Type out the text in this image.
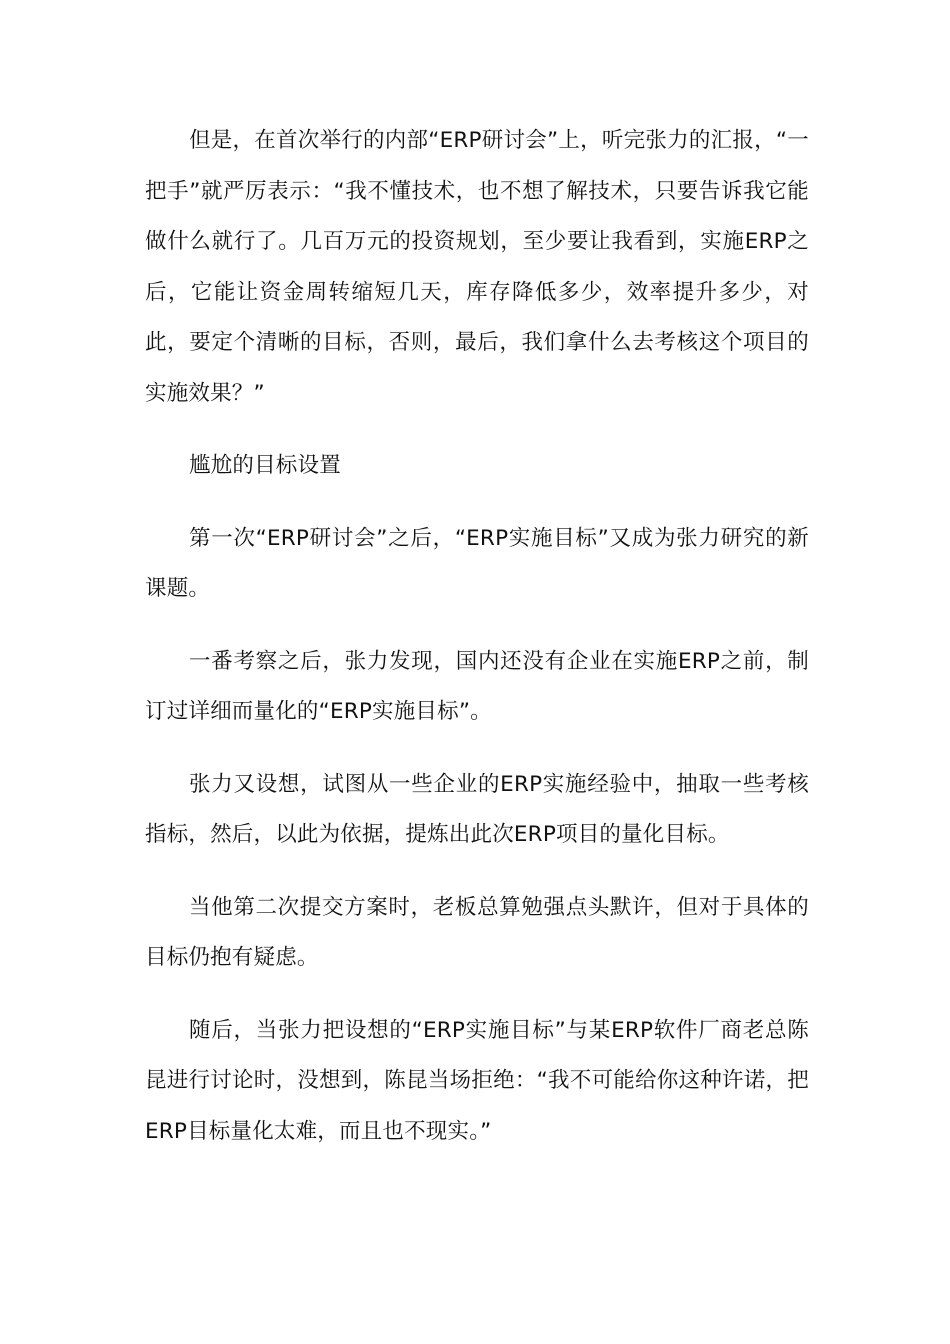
但是，在首次举行的内部“ERP研讨会”上，听完张力的汇报，“一把手”就严厉表示：“我不懂技术，也不想了解技术，只要告诉我它能做什么就行了。几百万元的投资规划，至少要让我看到，实施ERP之后，它能让资金周转缩短几天，库存降低多少，效率提升多少，对此，要定个清晰的目标，否则，最后，我们拿什么去考核这个项目的实施效果？”

尴尬的目标设置

第一次“ERP研讨会”之后，“ERP实施目标”又成为张力研究的新课题。

一番考察之后，张力发现，国内还没有企业在实施ERP之前，制订过详细而量化的“ERP实施目标”。

张力又设想，试图从一些企业的ERP实施经验中，抽取一些考核指标，然后，以此为依据，提炼出此次ERP项目的量化目标。

当他第二次提交方案时，老板总算勉强点头默许，但对于具体的目标仍抱有疑虑。

随后，当张力把设想的“ERP实施目标”与某ERP软件厂商老总陈昆进行讨论时，没想到，陈昆当场拒绝：“我不可能给你这种许诺，把ERP目标量化太难，而且也不现实。”
